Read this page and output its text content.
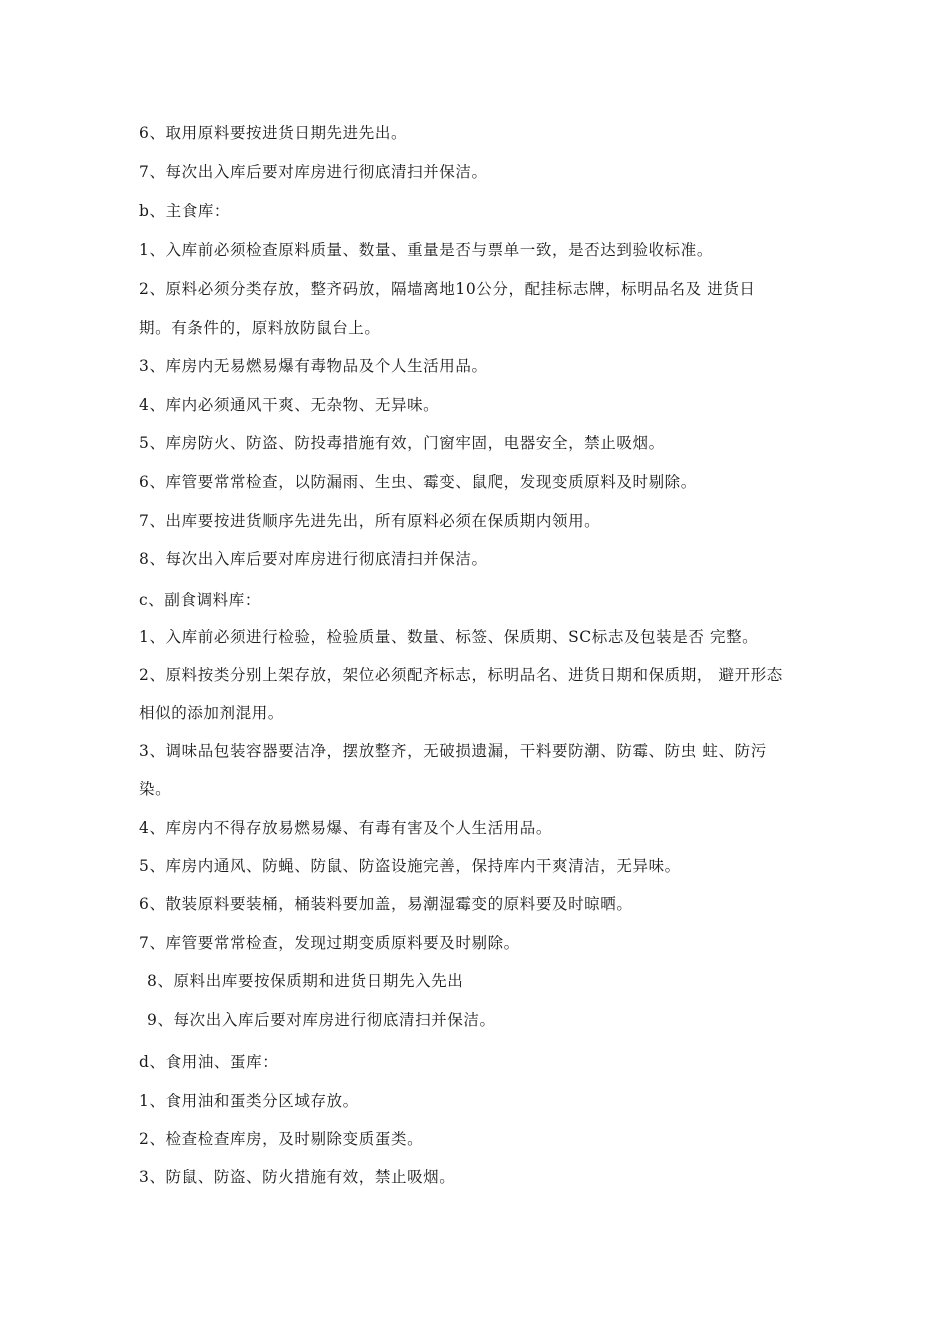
6、取用原料要按进货日期先进先出。
7、每次出入库后要对库房进行彻底清扫并保洁。
b、主食库：
1、入库前必须检查原料质量、数量、重量是否与票单一致，是否达到验收标准。
2、原料必须分类存放，整齐码放，隔墙离地10公分，配挂标志牌，标明品名及 进货日
期。有条件的，原料放防鼠台上。
3、库房内无易燃易爆有毒物品及个人生活用品。
4、库内必须通风干爽、无杂物、无异味。
5、库房防火、防盗、防投毒措施有效，门窗牢固，电器安全，禁止吸烟。
6、库管要常常检查，以防漏雨、生虫、霉变、鼠爬，发现变质原料及时剔除。
7、出库要按进货顺序先进先出，所有原料必须在保质期内领用。
8、每次出入库后要对库房进行彻底清扫并保洁。
c、副食调料库：
1、入库前必须进行检验，检验质量、数量、标签、保质期、SC标志及包装是否 完整。
2、原料按类分别上架存放，架位必须配齐标志，标明品名、进货日期和保质期， 避开形态
相似的添加剂混用。
3、调味品包装容器要洁净，摆放整齐，无破损遗漏，干料要防潮、防霉、防虫 蛀、防污
染。
4、库房内不得存放易燃易爆、有毒有害及个人生活用品。
5、库房内通风、防蝇、防鼠、防盗设施完善，保持库内干爽清洁，无异味。
6、散装原料要装桶，桶装料要加盖，易潮湿霉变的原料要及时晾晒。
7、库管要常常检查，发现过期变质原料要及时剔除。
8、原料出库要按保质期和进货日期先入先出
9、每次出入库后要对库房进行彻底清扫并保洁。
d、食用油、蛋库：
1、食用油和蛋类分区域存放。
2、检查检查库房，及时剔除变质蛋类。
3、防鼠、防盗、防火措施有效，禁止吸烟。
